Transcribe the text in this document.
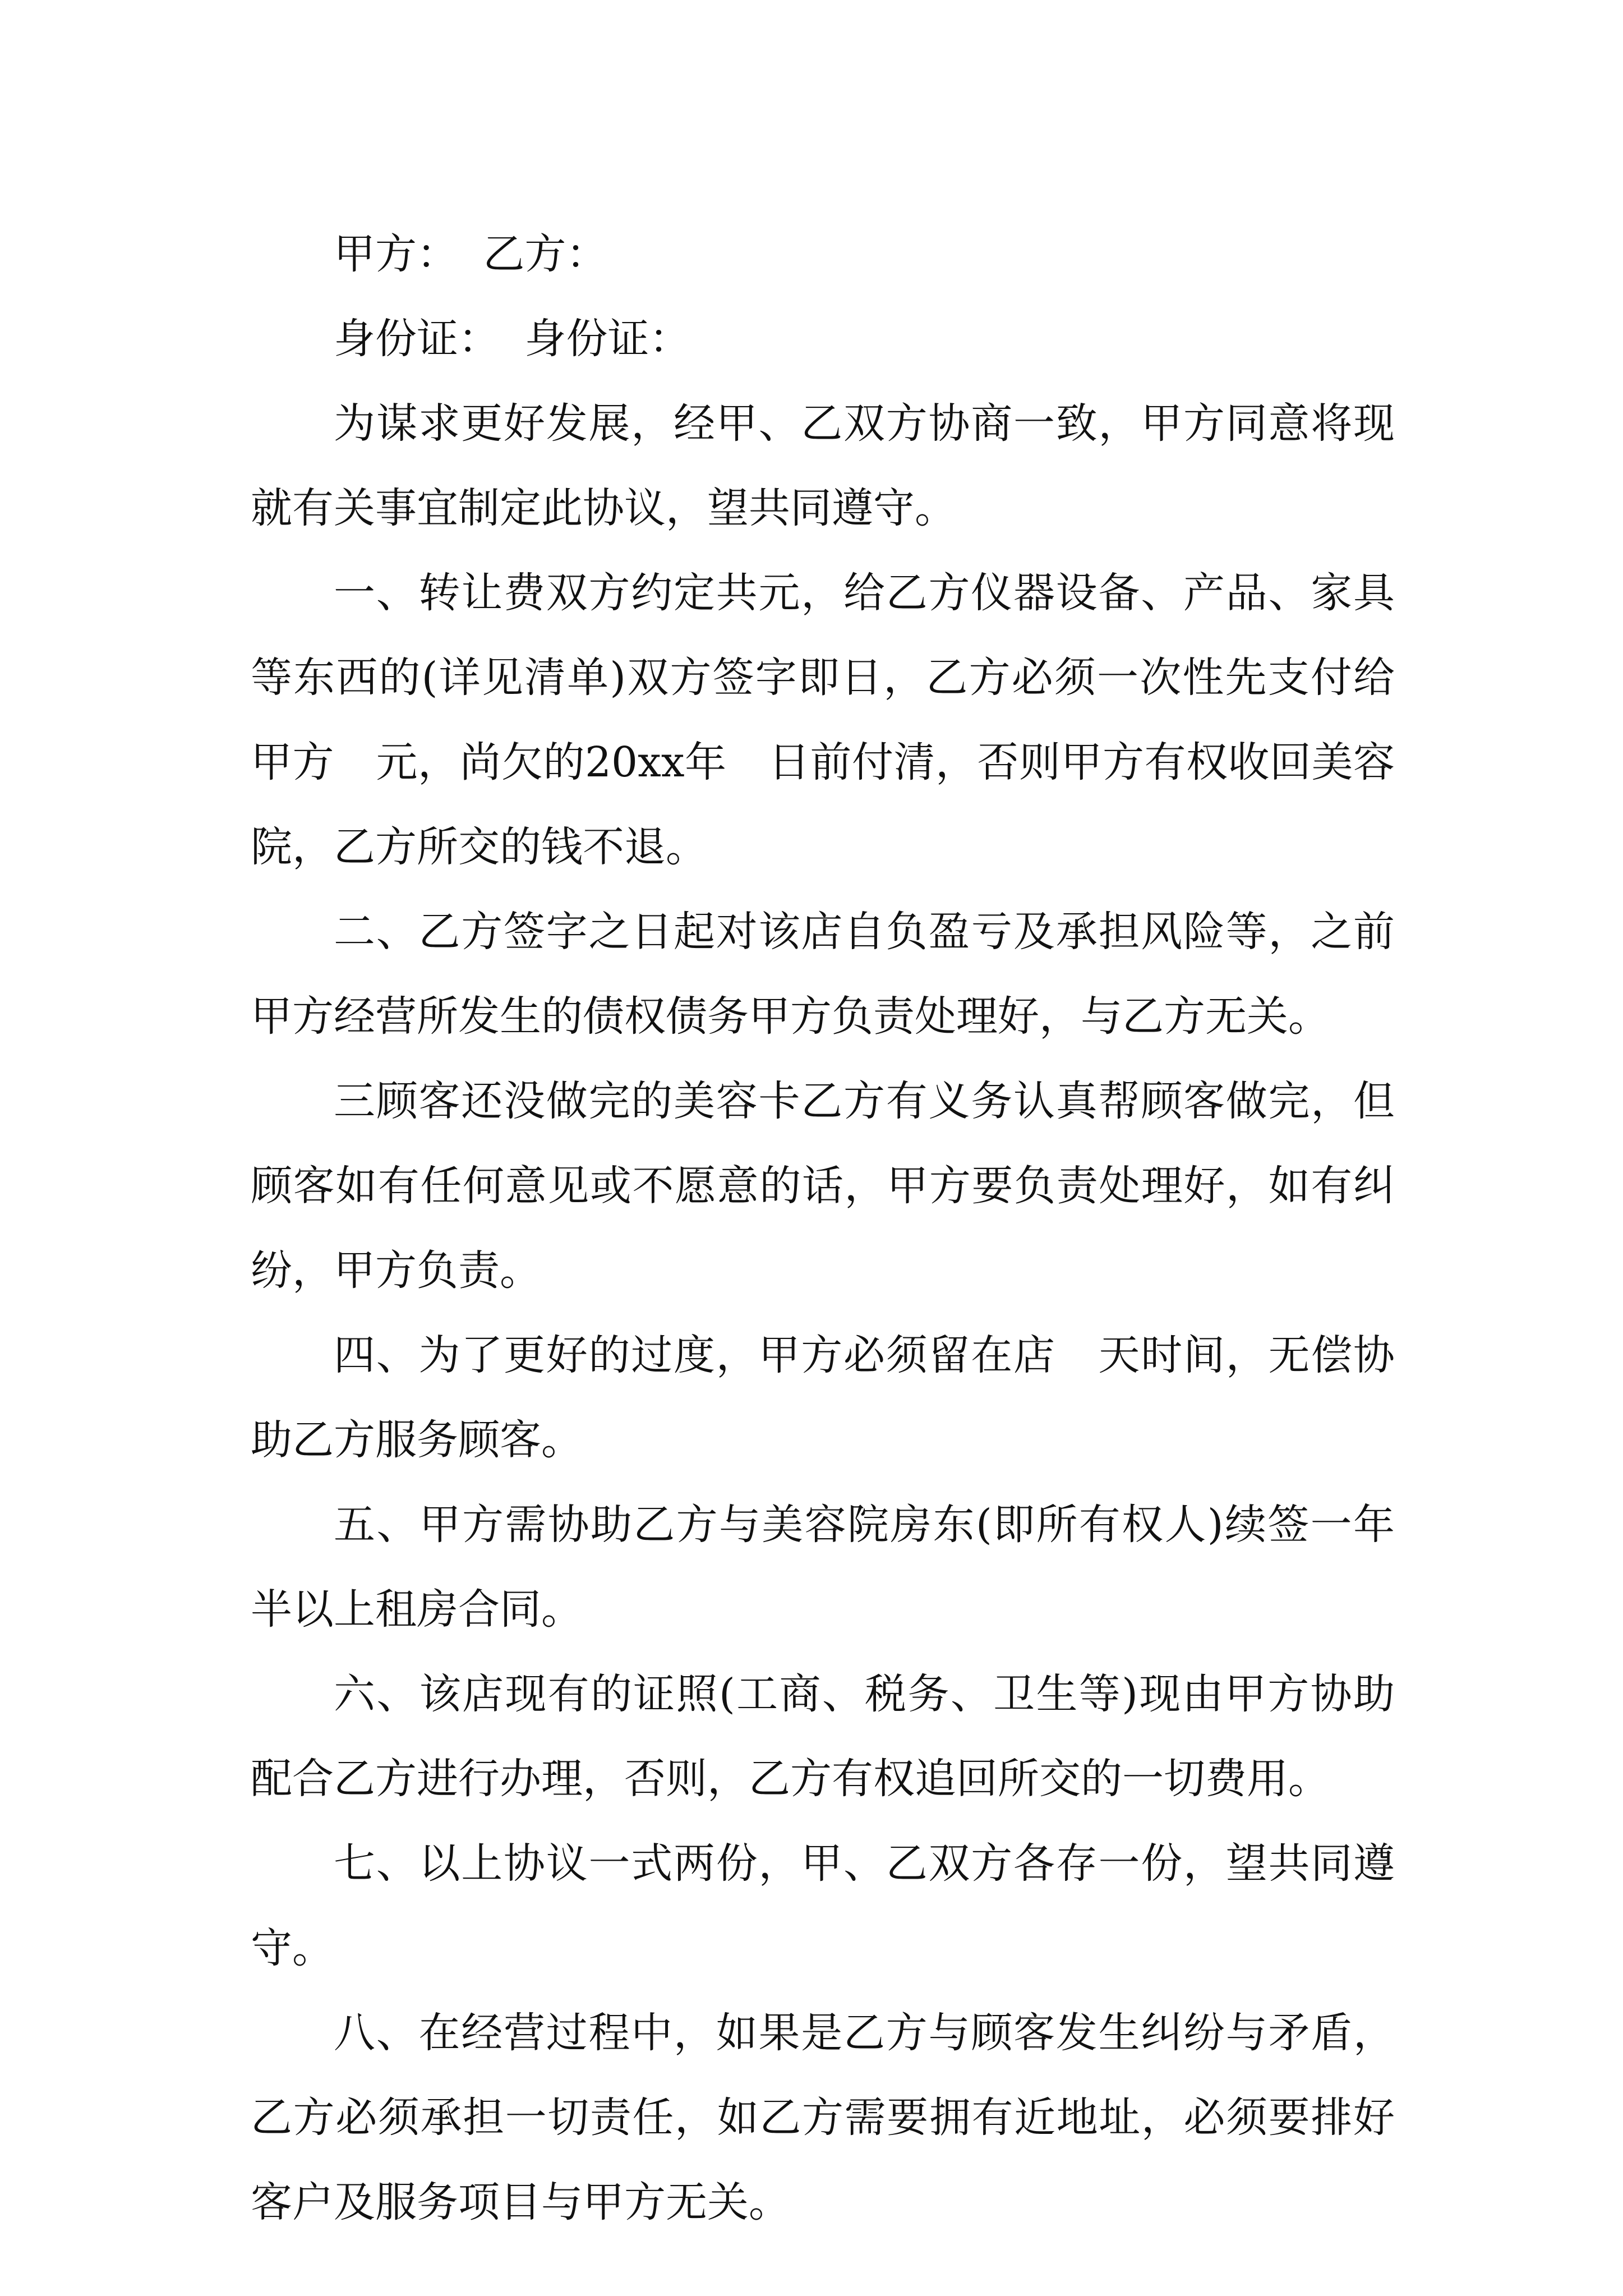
甲方： 乙方：

身份证： 身份证：

为谋求更好发展，经甲、乙双方协商一致，甲方同意将现就有关事宜制定此协议，望共同遵守。

一、转让费双方约定共元，给乙方仪器设备、产品、家具等东西的(详见清单)双方签字即日，乙方必须一次性先支付给甲方　元，尚欠的20xx年　日前付清，否则甲方有权收回美容院，乙方所交的钱不退。

二、乙方签字之日起对该店自负盈亏及承担风险等，之前甲方经营所发生的债权债务甲方负责处理好，与乙方无关。

三顾客还没做完的美容卡乙方有义务认真帮顾客做完，但顾客如有任何意见或不愿意的话，甲方要负责处理好，如有纠纷，甲方负责。

四、为了更好的过度，甲方必须留在店　天时间，无偿协助乙方服务顾客。

五、甲方需协助乙方与美容院房东(即所有权人)续签一年半以上租房合同。

六、该店现有的证照(工商、税务、卫生等)现由甲方协助配合乙方进行办理，否则，乙方有权追回所交的一切费用。

七、以上协议一式两份，甲、乙双方各存一份，望共同遵守。

八、在经营过程中，如果是乙方与顾客发生纠纷与矛盾，乙方必须承担一切责任，如乙方需要拥有近地址，必须要排好客户及服务项目与甲方无关。
